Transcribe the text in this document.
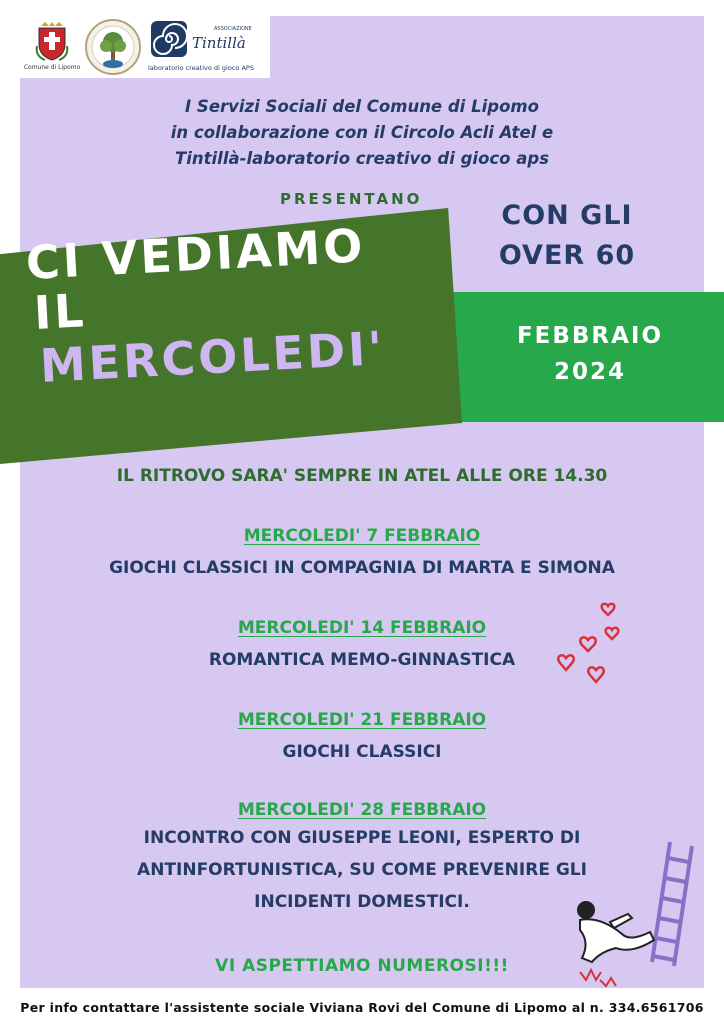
Comune di Lipomo
ASSOCIAZIONE
Tintillà
laboratorio creativo di gioco APS
I Servizi Sociali del Comune di Lipomo
in collaborazione con il Circolo Acli Atel e
Tintillà-laboratorio creativo di gioco aps
PRESENTANO
CON GLI
OVER 60
CI VEDIAMO
IL
MERCOLEDI'	FEBBRAIO
2024
IL RITROVO SARA' SEMPRE IN ATEL ALLE ORE 14.30
MERCOLEDI' 7 FEBBRAIO
GIOCHI CLASSICI IN COMPAGNIA DI MARTA E SIMONA
MERCOLEDI' 14 FEBBRAIO
ROMANTICA MEMO-GINNASTICA
MERCOLEDI' 21 FEBBRAIO
GIOCHI CLASSICI
MERCOLEDI' 28 FEBBRAIO
INCONTRO CON GIUSEPPE LEONI, ESPERTO DI ANTINFORTUNISTICA, SU COME PREVENIRE GLI INCIDENTI DOMESTICI.
VI ASPETTIAMO NUMEROSI!!!
Per info contattare l'assistente sociale Viviana Rovi del Comune di Lipomo al n. 334.6561706
